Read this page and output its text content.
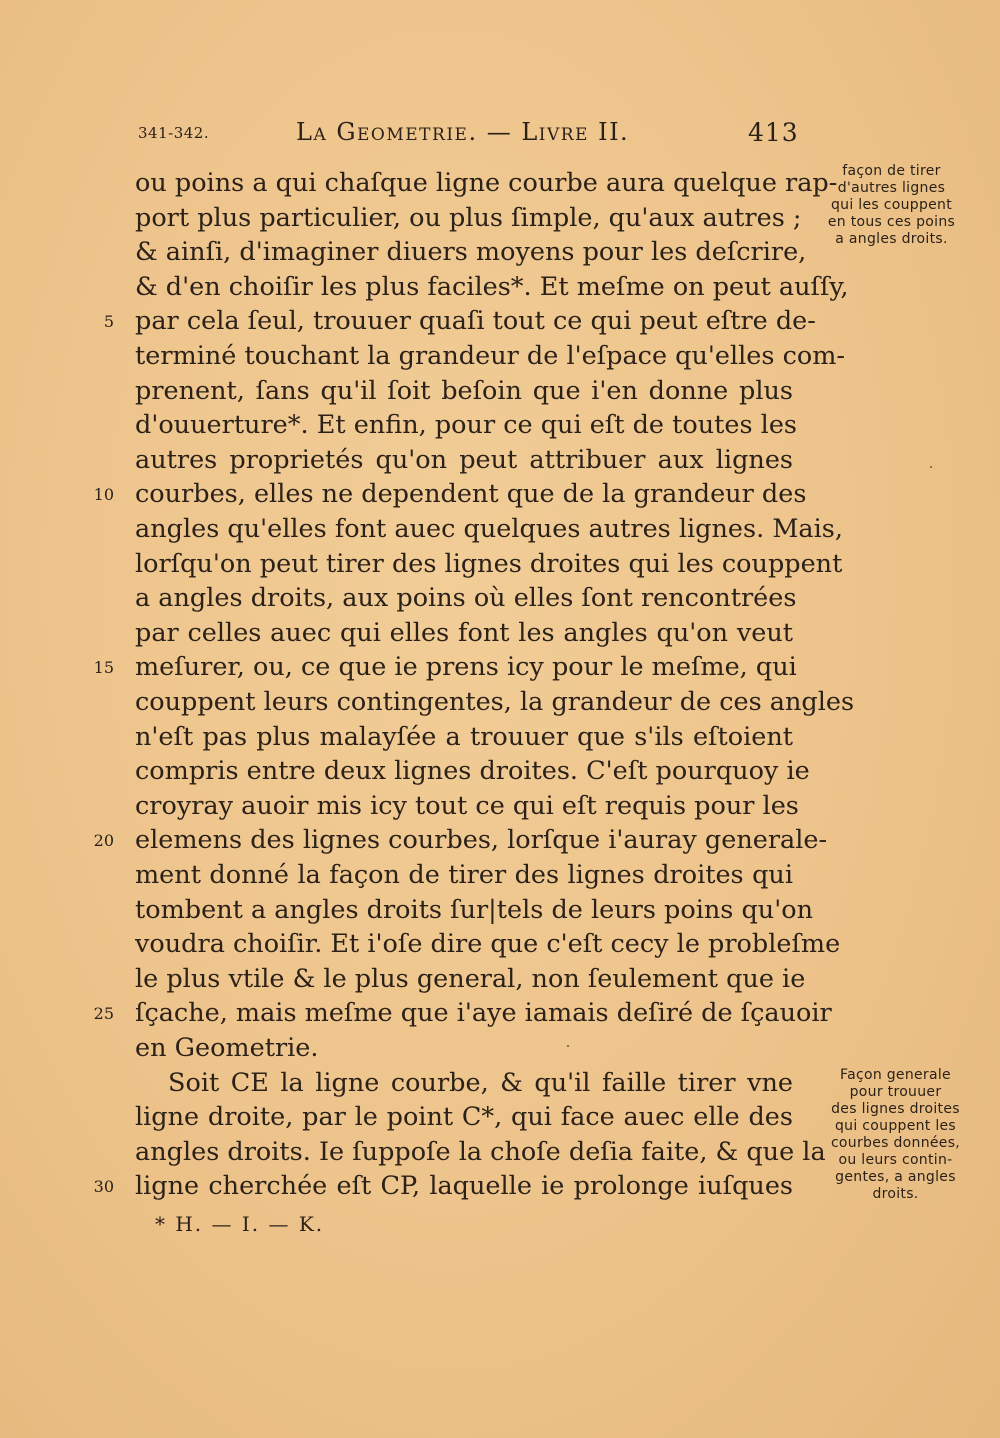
341-342.	La Geometrie. — Livre II.	413
ou poins a qui chaſque ligne courbe aura quelque rap-
port plus particulier, ou plus ſimple, qu'aux autres ;
& ainſi, d'imaginer diuers moyens pour les deſcrire,
& d'en choiſir les plus faciles*. Et meſme on peut auſſy,
par cela ſeul, trouuer quaſi tout ce qui peut eſtre de-
terminé touchant la grandeur de l'eſpace qu'elles com-
prenent, ſans qu'il ſoit beſoin que i'en donne plus
d'ouuerture*. Et enfin, pour ce qui eſt de toutes les
autres proprietés qu'on peut attribuer aux lignes
courbes, elles ne dependent que de la grandeur des
angles qu'elles font auec quelques autres lignes. Mais,
lorſqu'on peut tirer des lignes droites qui les couppent
a angles droits, aux poins où elles ſont rencontrées
par celles auec qui elles font les angles qu'on veut
meſurer, ou, ce que ie prens icy pour le meſme, qui
couppent leurs contingentes, la grandeur de ces angles
n'eſt pas plus malayſée a trouuer que s'ils eſtoient
compris entre deux lignes droites. C'eſt pourquoy ie
croyray auoir mis icy tout ce qui eſt requis pour les
elemens des lignes courbes, lorſque i'auray generale-
ment donné la façon de tirer des lignes droites qui
tombent a angles droits ſur|tels de leurs poins qu'on
voudra choiſir. Et i'oſe dire que c'eſt cecy le probleſme
le plus vtile & le plus general, non ſeulement que ie
ſçache, mais meſme que i'aye iamais deſiré de ſçauoir
en Geometrie.
Soit CE la ligne courbe, & qu'il faille tirer vne
ligne droite, par le point C*, qui face auec elle des
angles droits. Ie ſuppoſe la choſe deſia faite, & que la
ligne cherchée eſt CP, laquelle ie prolonge iuſques
5
10
15
20
25
30
façon de tirer
d'autres lignes
qui les couppent
en tous ces poins
a angles droits.
Façon generale
pour trouuer
des lignes droites
qui couppent les
courbes données,
ou leurs contin-
gentes, a angles
droits.
* H. — I. — K.
